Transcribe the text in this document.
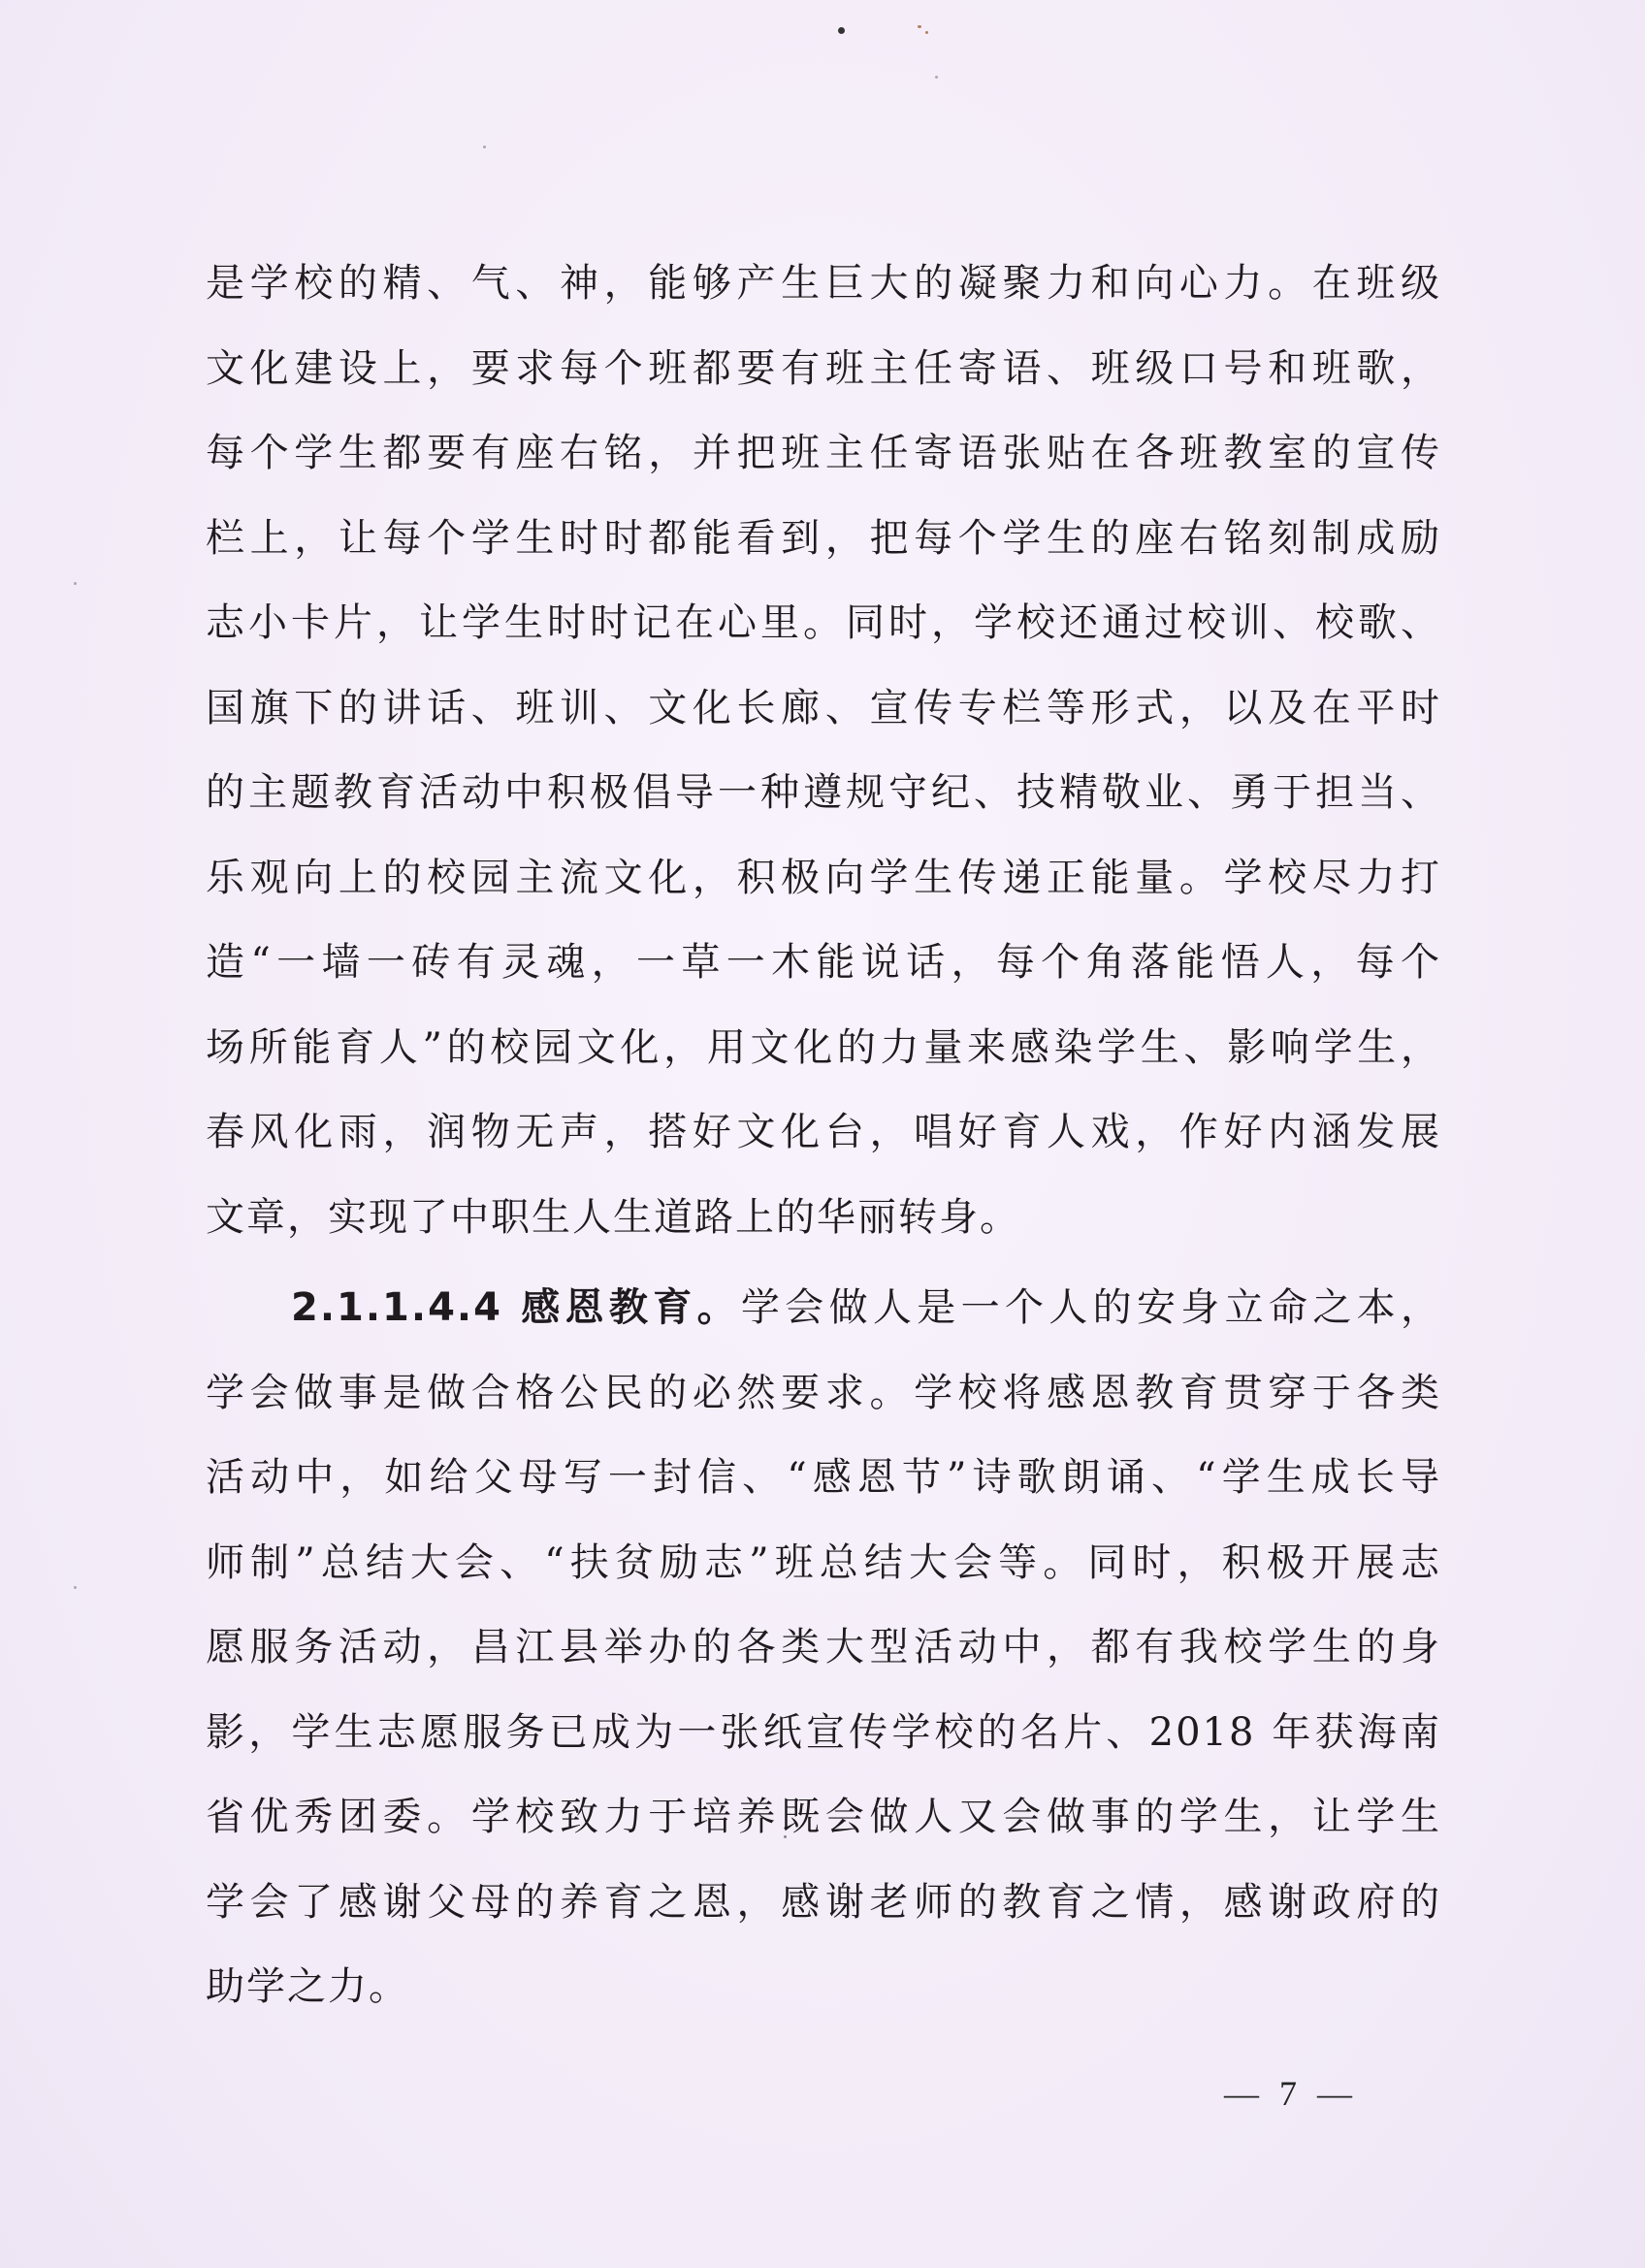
是学校的精、气、神，能够产生巨大的凝聚力和向心力。在班级
文化建设上，要求每个班都要有班主任寄语、班级口号和班歌，
每个学生都要有座右铭，并把班主任寄语张贴在各班教室的宣传
栏上，让每个学生时时都能看到，把每个学生的座右铭刻制成励
志小卡片，让学生时时记在心里。同时，学校还通过校训、校歌、
国旗下的讲话、班训、文化长廊、宣传专栏等形式，以及在平时
的主题教育活动中积极倡导一种遵规守纪、技精敬业、勇于担当、
乐观向上的校园主流文化，积极向学生传递正能量。学校尽力打
造“一墙一砖有灵魂，一草一木能说话，每个角落能悟人，每个
场所能育人”的校园文化，用文化的力量来感染学生、影响学生，
春风化雨，润物无声，搭好文化台，唱好育人戏，作好内涵发展
文章，实现了中职生人生道路上的华丽转身。
2.1.1.4.4 感恩教育。学会做人是一个人的安身立命之本，
学会做事是做合格公民的必然要求。学校将感恩教育贯穿于各类
活动中，如给父母写一封信、“感恩节”诗歌朗诵、“学生成长导
师制”总结大会、“扶贫励志”班总结大会等。同时，积极开展志
愿服务活动，昌江县举办的各类大型活动中，都有我校学生的身
影，学生志愿服务已成为一张纸宣传学校的名片、2018 年获海南
省优秀团委。学校致力于培养既会做人又会做事的学生，让学生
学会了感谢父母的养育之恩，感谢老师的教育之情，感谢政府的
助学之力。
— 7 —
